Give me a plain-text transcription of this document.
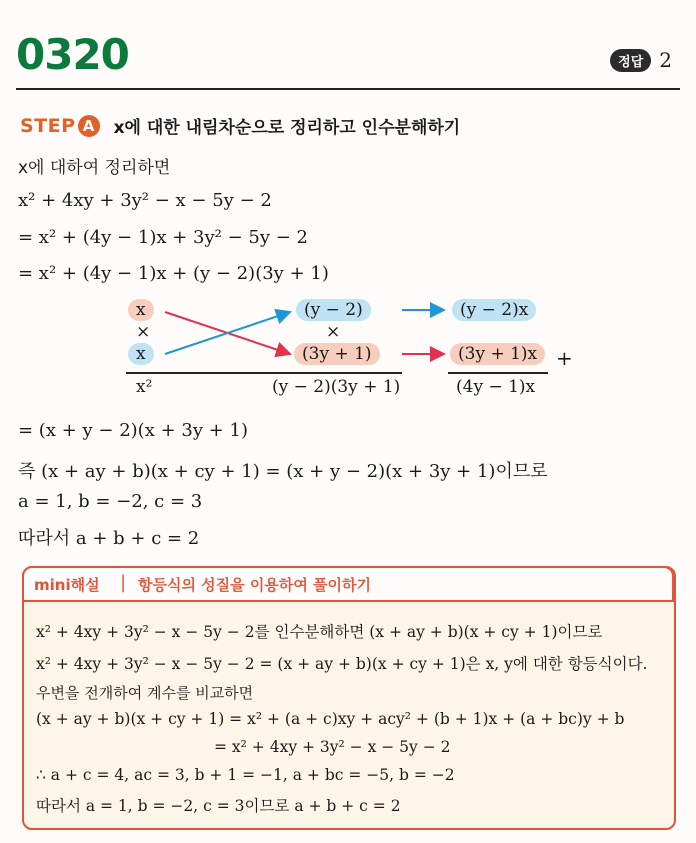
0320	정답 2
STEP A	x에 대한 내림차순으로 정리하고 인수분해하기
x에 대하여 정리하면
x² + 4xy + 3y² − x − 5y − 2
= x² + (4y − 1)x + 3y² − 5y − 2
= x² + (4y − 1)x + (y − 2)(3y + 1)
x
×
x
(y − 2)
×
(3y + 1)
(y − 2)x
(3y + 1)x +
x²	(y − 2)(3y + 1)	(4y − 1)x
= (x + y − 2)(x + 3y + 1)
즉 (x + ay + b)(x + cy + 1) = (x + y − 2)(x + 3y + 1)이므로
a = 1, b = −2, c = 3
따라서 a + b + c = 2
mini해설 | 항등식의 성질을 이용하여 풀이하기
x² + 4xy + 3y² − x − 5y − 2를 인수분해하면 (x + ay + b)(x + cy + 1)이므로
x² + 4xy + 3y² − x − 5y − 2 = (x + ay + b)(x + cy + 1)은 x, y에 대한 항등식이다.
우변을 전개하여 계수를 비교하면
(x + ay + b)(x + cy + 1) = x² + (a + c)xy + acy² + (b + 1)x + (a + bc)y + b
= x² + 4xy + 3y² − x − 5y − 2
∴ a + c = 4, ac = 3, b + 1 = −1, a + bc = −5, b = −2
따라서 a = 1, b = −2, c = 3이므로 a + b + c = 2
